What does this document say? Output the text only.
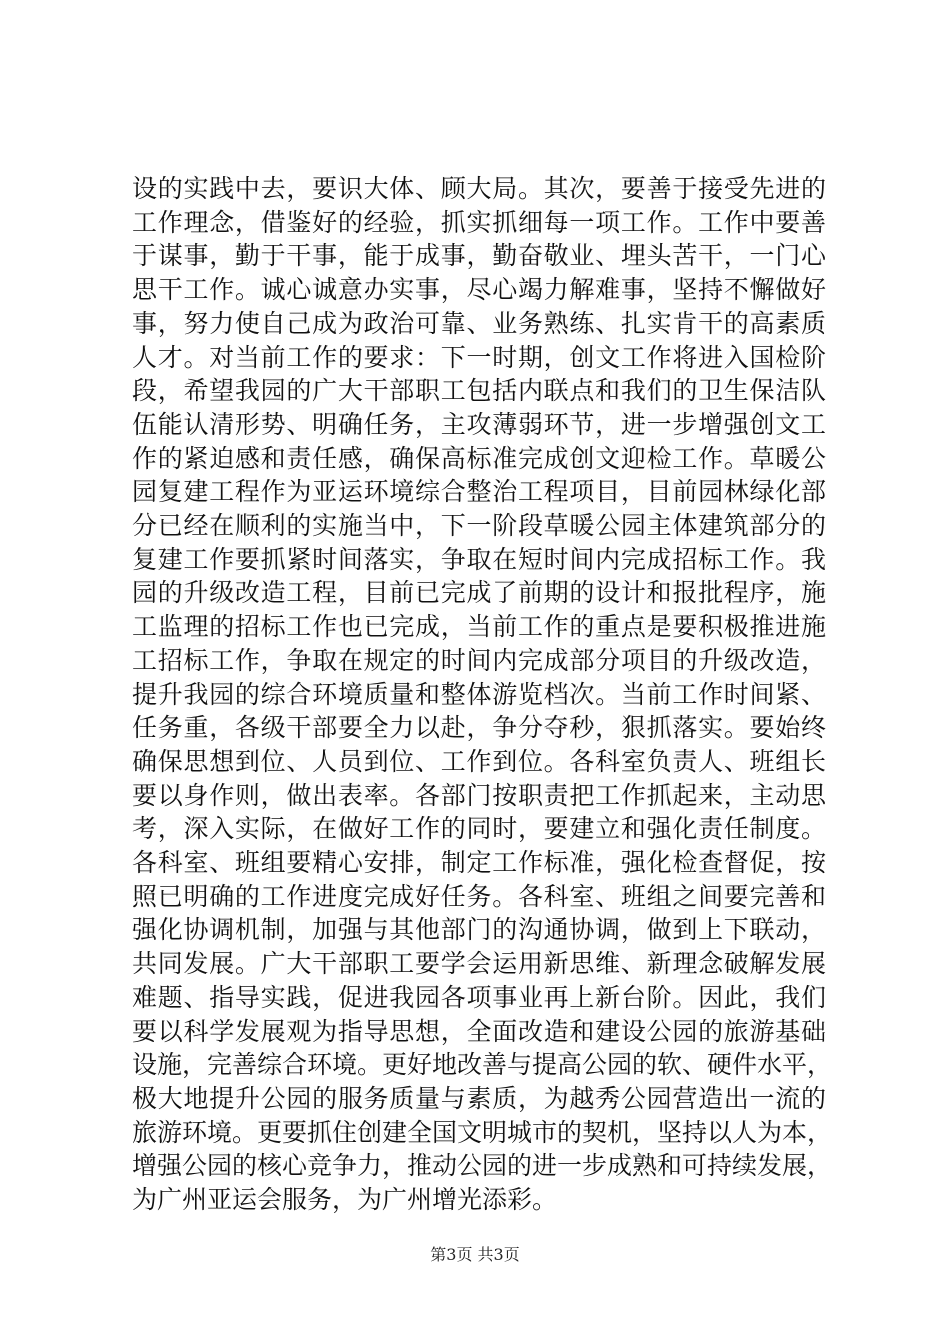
设的实践中去，要识大体、顾大局。其次，要善于接受先进的
工作理念，借鉴好的经验，抓实抓细每一项工作。工作中要善
于谋事，勤于干事，能于成事，勤奋敬业、埋头苦干，一门心
思干工作。诚心诚意办实事，尽心竭力解难事，坚持不懈做好
事，努力使自己成为政治可靠、业务熟练、扎实肯干的高素质
人才。对当前工作的要求：下一时期，创文工作将进入国检阶
段，希望我园的广大干部职工包括内联点和我们的卫生保洁队
伍能认清形势、明确任务，主攻薄弱环节，进一步增强创文工
作的紧迫感和责任感，确保高标准完成创文迎检工作。草暖公
园复建工程作为亚运环境综合整治工程项目，目前园林绿化部
分已经在顺利的实施当中，下一阶段草暖公园主体建筑部分的
复建工作要抓紧时间落实，争取在短时间内完成招标工作。我
园的升级改造工程，目前已完成了前期的设计和报批程序，施
工监理的招标工作也已完成，当前工作的重点是要积极推进施
工招标工作，争取在规定的时间内完成部分项目的升级改造，
提升我园的综合环境质量和整体游览档次。当前工作时间紧、
任务重，各级干部要全力以赴，争分夺秒，狠抓落实。要始终
确保思想到位、人员到位、工作到位。各科室负责人、班组长
要以身作则，做出表率。各部门按职责把工作抓起来，主动思
考，深入实际，在做好工作的同时，要建立和强化责任制度。
各科室、班组要精心安排，制定工作标准，强化检查督促，按
照已明确的工作进度完成好任务。各科室、班组之间要完善和
强化协调机制，加强与其他部门的沟通协调，做到上下联动，
共同发展。广大干部职工要学会运用新思维、新理念破解发展
难题、指导实践，促进我园各项事业再上新台阶。因此，我们
要以科学发展观为指导思想，全面改造和建设公园的旅游基础
设施，完善综合环境。更好地改善与提高公园的软、硬件水平，
极大地提升公园的服务质量与素质，为越秀公园营造出一流的
旅游环境。更要抓住创建全国文明城市的契机，坚持以人为本，
增强公园的核心竞争力，推动公园的进一步成熟和可持续发展，
为广州亚运会服务，为广州增光添彩。
第3页 共3页
